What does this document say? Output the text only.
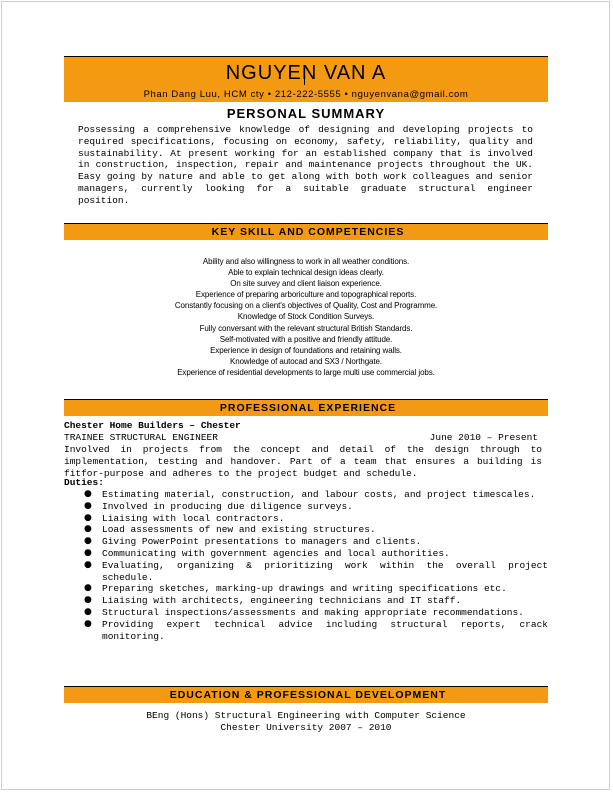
NGUYEN VAN A
Phan Dang Luu, HCM cty • 212-222-5555 • nguyenvana@gmail.com
PERSONAL SUMMARY
Possessing a comprehensive knowledge of designing and developing projects to required specifications, focusing on economy, safety, reliability, quality and sustainability. At present working for an established company that is involved in construction, inspection, repair and maintenance projects throughout the UK. Easy going by nature and able to get along with both work colleagues and senior managers, currently looking for a suitable graduate structural engineer position.
KEY SKILL AND COMPETENCIES
Ability and also willingness to work in all weather conditions.
Able to explain technical design ideas clearly.
On site survey and client liaison experience.
Experience of preparing arboriculture and topographical reports.
Constantly focusing on a client's objectives of Quality, Cost and Programme.
Knowledge of Stock Condition Surveys.
Fully conversant with the relevant structural British Standards.
Self-motivated with a positive and friendly attitude.
Experience in design of foundations and retaining walls.
Knowledge of autocad and SX3 / Northgate.
Experience of residential developments to large multi use commercial jobs.
PROFESSIONAL EXPERIENCE
Chester Home Builders – Chester
TRAINEE STRUCTURAL ENGINEER	June 2010 – Present
Involved in projects from the concept and detail of the design through to implementation, testing and handover. Part of a team that ensures a building is fitfor-purpose and adheres to the project budget and schedule.
Duties:
● Estimating material, construction, and labour costs, and project timescales.
● Involved in producing due diligence surveys.
● Liaising with local contractors.
● Load assessments of new and existing structures.
● Giving PowerPoint presentations to managers and clients.
● Communicating with government agencies and local authorities.
● Evaluating, organizing & prioritizing work within the overall project schedule.
● Preparing sketches, marking-up drawings and writing specifications etc.
● Liaising with architects, engineering technicians and IT staff.
● Structural inspections/assessments and making appropriate recommendations.
● Providing expert technical advice including structural reports, crack monitoring.
EDUCATION & PROFESSIONAL DEVELOPMENT
BEng (Hons) Structural Engineering with Computer Science
Chester University 2007 – 2010
